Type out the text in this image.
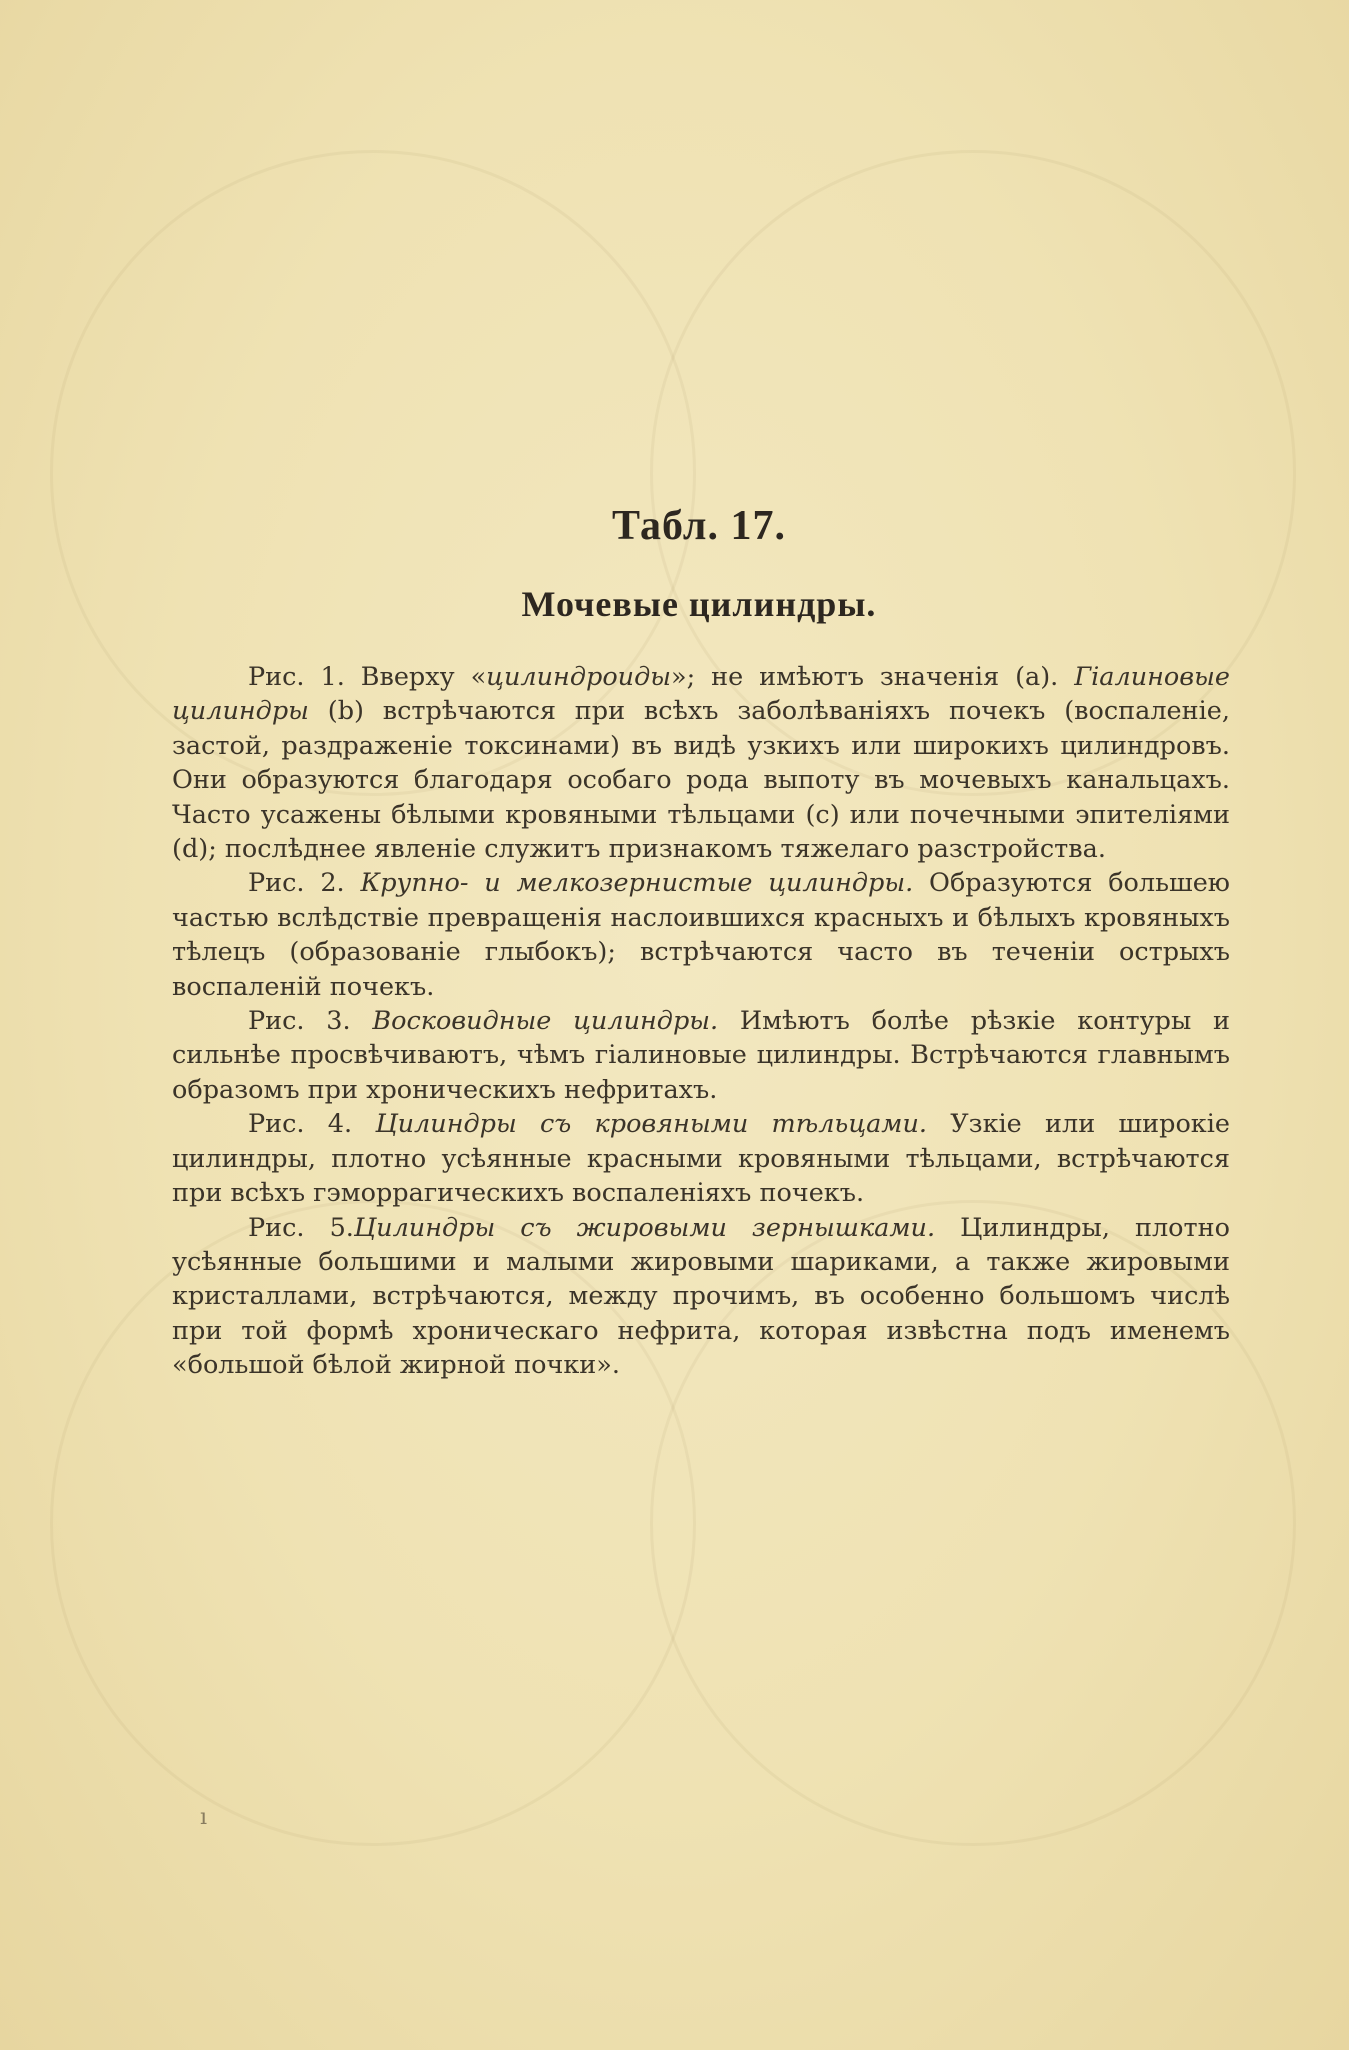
Табл. 17.
Мочевые цилиндры.

Рис. 1. Вверху «цилиндроиды»; не имѣютъ значенія (a). Гіалиновые цилиндры (b) встрѣчаются при всѣхъ заболѣваніяхъ почекъ (воспаленіе, застой, раздраженіе токсинами) въ видѣ узкихъ или широкихъ цилиндровъ. Они образуются благодаря особаго рода выпоту въ мочевыхъ канальцахъ. Часто усажены бѣлыми кровяными тѣльцами (с) или почечными эпителіями (d); послѣднее явленіе служитъ признакомъ тяжелаго разстройства.

Рис. 2. Крупно- и мелкозернистые цилиндры. Образуются большею частью вслѣдствіе превращенія наслоившихся красныхъ и бѣлыхъ кровяныхъ тѣлецъ (образованіе глыбокъ); встрѣчаются часто въ теченіи острыхъ воспаленій почекъ.

Рис. 3. Восковидные цилиндры. Имѣютъ болѣе рѣзкіе контуры и сильнѣе просвѣчиваютъ, чѣмъ гіалиновые цилиндры. Встрѣчаются главнымъ образомъ при хроническихъ нефритахъ.

Рис. 4. Цилиндры съ кровяными тѣльцами. Узкіе или широкіе цилиндры, плотно усѣянные красными кровяными тѣльцами, встрѣчаются при всѣхъ гэморрагическихъ воспаленіяхъ почекъ.

Рис. 5.Цилиндры съ жировыми зернышками. Цилиндры, плотно усѣянные большими и малыми жировыми шариками, а также жировыми кристаллами, встрѣчаются, между прочимъ, въ особенно большомъ числѣ при той формѣ хроническаго нефрита, которая извѣстна подъ именемъ «большой бѣлой жирной почки».

ı
